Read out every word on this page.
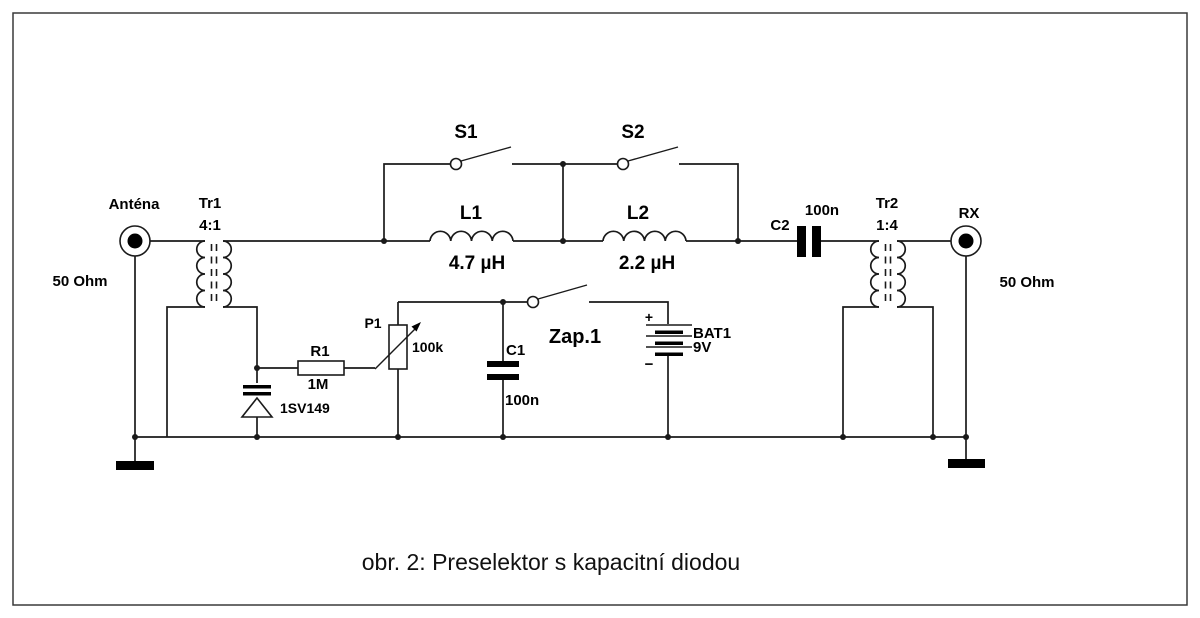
Anténa
50 Ohm
RX
50 Ohm
Tr1
4:1
Tr2
1:4
S1	S2
Zap.1
L1
4.7 µH
L2
2.2 µH
C2
100n
C1
100n
R1
1M
P1
100k
1SV149
+
−
BAT1
9V
obr. 2: Preselektor s kapacitní diodou
